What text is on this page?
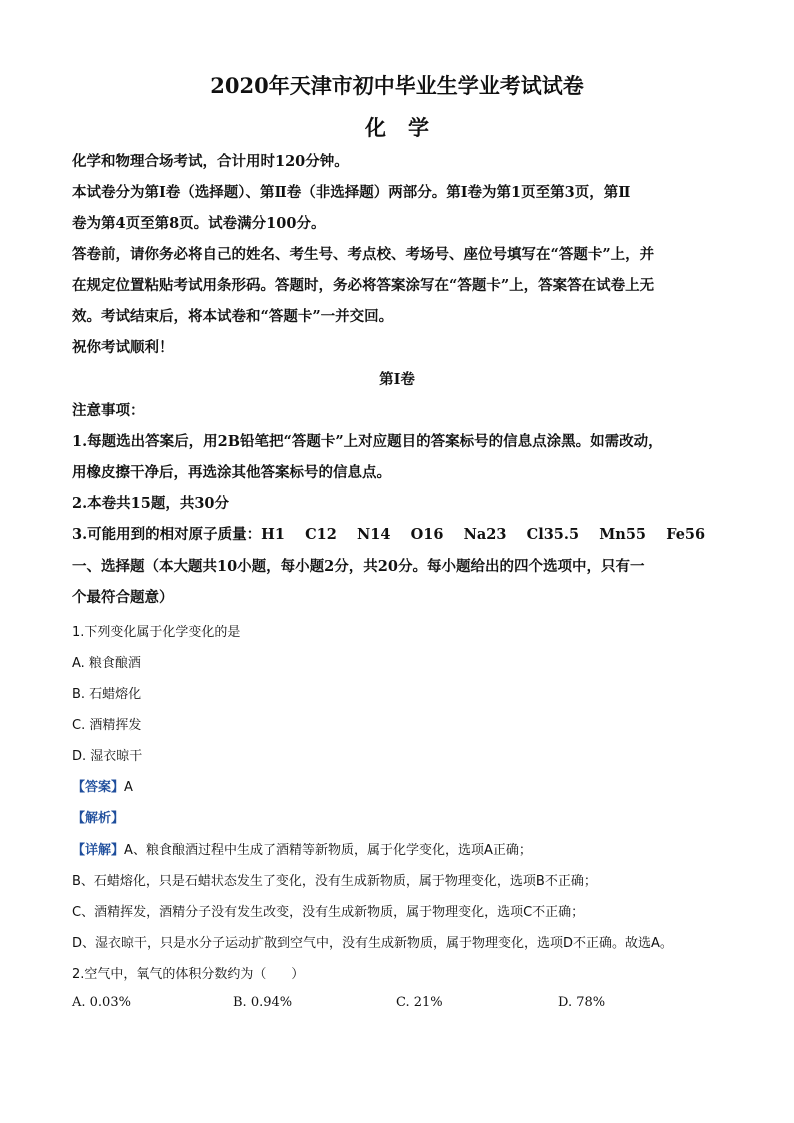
2020年天津市初中毕业生学业考试试卷
化学
化学和物理合场考试，合计用时120分钟。
本试卷分为第Ⅰ卷（选择题）、第Ⅱ卷（非选择题）两部分。第Ⅰ卷为第1页至第3页，第Ⅱ
卷为第4页至第8页。试卷满分100分。
答卷前，请你务必将自己的姓名、考生号、考点校、考场号、座位号填写在“答题卡”上，并
在规定位置粘贴考试用条形码。答题时，务必将答案涂写在“答题卡”上，答案答在试卷上无
效。考试结束后，将本试卷和“答题卡”一并交回。
祝你考试顺利！
第Ⅰ卷
注意事项：
1.每题选出答案后，用2B铅笔把“答题卡”上对应题目的答案标号的信息点涂黑。如需改动，
用橡皮擦干净后，再选涂其他答案标号的信息点。
2.本卷共15题，共30分
3.可能用到的相对原子质量：H1    C12    N14    O16    Na23    Cl35.5    Mn55    Fe56
一、选择题（本大题共10小题，每小题2分，共20分。每小题给出的四个选项中，只有一
个最符合题意）
1.下列变化属于化学变化的是
A. 粮食酿酒
B. 石蜡熔化
C. 酒精挥发
D. 湿衣晾干
【答案】A
【解析】
【详解】A、粮食酿酒过程中生成了酒精等新物质，属于化学变化，选项A正确；
B、石蜡熔化，只是石蜡状态发生了变化，没有生成新物质，属于物理变化，选项B不正确；
C、酒精挥发，酒精分子没有发生改变，没有生成新物质，属于物理变化，选项C不正确；
D、湿衣晾干，只是水分子运动扩散到空气中，没有生成新物质，属于物理变化，选项D不正确。故选A。
2.空气中，氧气的体积分数约为（      ）
A. 0.03%	B. 0.94%	C. 21%	D. 78%
